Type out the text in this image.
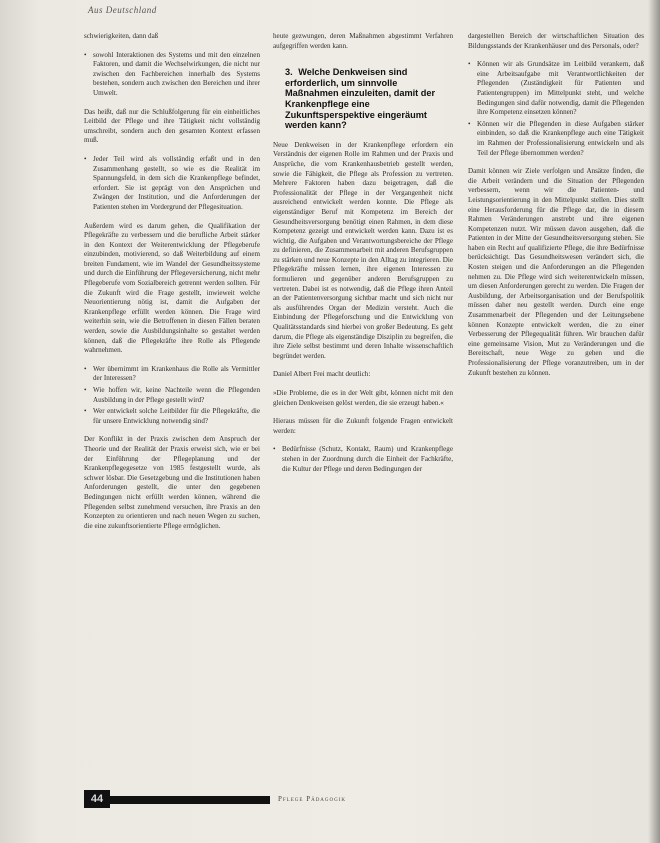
Aus Deutschland

schwierigkeiten, dann daß

• sowohl Interaktionen des Systems und mit den einzelnen Faktoren, und damit die Wechselwirkungen, die nicht nur zwischen den Fachbereichen innerhalb des Systems bestehen, sondern auch zwischen den Bereichen und ihrer Umwelt.

Das heißt, daß nur die Schlußfolgerung für ein einheitliches Leitbild der Pflege und ihre Tätigkeit nicht vollständig umschreibt, sondern auch den gesamten Kontext erfassen muß.

• Jeder Teil wird als vollständig erfaßt und in den Zusammenhang gestellt, so wie es die Realität im Spannungsfeld, in dem sich die Krankenpflege befindet, erfordert. Sie ist geprägt von den Ansprüchen und Zwängen der Institution, und die Anforderungen der Patienten stehen im Vordergrund der Pflegesituation.

Außerdem wird es darum gehen, die Qualifikation der Pflegekräfte zu verbessern und die berufliche Arbeit stärker in den Kontext der Weiterentwicklung der Pflegeberufe einzubinden, motivierend, so daß Weiterbildung auf einem breiten Fundament, wie im Wandel der Gesundheitssysteme und durch die Einführung der Pflegeversicherung, nicht mehr Pflegeberufe vom Sozialbereich getrennt werden sollten. Für die Zukunft wird die Frage gestellt, inwieweit welche Neuorientierung nötig ist, damit die Aufgaben der Krankenpflege erfüllt werden können. Die Frage wird weiterhin sein, wie die Betroffenen in diesen Fällen beraten werden, sowie die Ausbildungsinhalte so gestaltet werden können, daß die Pflegekräfte ihre Rolle als Pflegende wahrnehmen.

• Wer übernimmt im Krankenhaus die Rolle als Vermittler der Interessen?
• Wie hoffen wir, keine Nachteile wenn die Pflegenden Ausbildung in der Pflege gestellt wird?
• Wer entwickelt solche Leitbilder für die Pflegekräfte, die für unsere Entwicklung notwendig sind?

Der Konflikt in der Praxis zwischen dem Anspruch der Theorie und der Realität der Praxis erweist sich, wie er bei der Einführung der Pflegeplanung und der Krankenpflegegesetze von 1985 festgestellt wurde, als schwer lösbar. Die Gesetzgebung und die Institutionen haben Anforderungen gestellt, die unter den gegebenen Bedingungen nicht erfüllt werden können, während die Pflegenden selbst zunehmend versuchen, ihre Praxis an den Konzepten zu orientieren und nach neuen Wegen zu suchen, die eine zukunftsorientierte Pflege ermöglichen.

heute gezwungen, deren Maßnahmen abgestimmt Verfahren aufgegriffen werden kann.

3. Welche Denkweisen sind erforderlich, um sinnvolle Maßnahmen einzuleiten, damit der Krankenpflege eine Zukunftsperspektive eingeräumt werden kann?

Neue Denkweisen in der Krankenpflege erfordern ein Verständnis der eigenen Rolle im Rahmen und der Praxis und Ansprüche, die vom Krankenhausbetrieb gestellt werden, sowie die Fähigkeit, die Pflege als Profession zu vertreten. Mehrere Faktoren haben dazu beigetragen, daß die Professionalität der Pflege in der Vergangenheit nicht ausreichend entwickelt werden konnte. Die Pflege als eigenständiger Beruf mit Kompetenz im Bereich der Gesundheitsversorgung benötigt einen Rahmen, in dem diese Kompetenz gezeigt und entwickelt werden kann. Dazu ist es wichtig, die Aufgaben und Verantwortungsbereiche der Pflege zu definieren, die Zusammenarbeit mit anderen Berufsgruppen zu stärken und neue Konzepte in den Alltag zu integrieren. Die Pflegekräfte müssen lernen, ihre eigenen Interessen zu formulieren und gegenüber anderen Berufsgruppen zu vertreten. Dabei ist es notwendig, daß die Pflege ihren Anteil an der Patientenversorgung sichtbar macht und sich nicht nur als ausführendes Organ der Medizin versteht. Auch die Einbindung der Pflegeforschung und die Entwicklung von Qualitätsstandards sind hierbei von großer Bedeutung. Es geht darum, die Pflege als eigenständige Disziplin zu begreifen, die ihre Ziele selbst bestimmt und deren Inhalte wissenschaftlich begründet werden.

Daniel Albert Frei macht deutlich:

»Die Probleme, die es in der Welt gibt, können nicht mit den gleichen Denkweisen gelöst werden, die sie erzeugt haben.«

Hieraus müssen für die Zukunft folgende Fragen entwickelt werden:

• Bedürfnisse (Schutz, Kontakt, Raum) und Krankenpflege stehen in der Zuordnung durch die Einheit der Fachkräfte, die Kultur der Pflege und deren Bedingungen der

dargestellten Bereich der wirtschaftlichen Situation des Bildungsstands der Krankenhäuser und des Personals, oder?

• Können wir als Grundsätze im Leitbild verankern, daß eine Arbeitsaufgabe mit Verantwortlichkeiten der Pflegenden (Zuständigkeit für Patienten und Patientengruppen) im Mittelpunkt steht, und welche Bedingungen sind dafür notwendig, damit die Pflegenden ihre Kompetenz einsetzen können?
• Können wir die Pflegenden in diese Aufgaben stärker einbinden, so daß die Krankenpflege auch eine Tätigkeit im Rahmen der Professionalisierung entwickeln und als Teil der Pflege übernommen werden?

Damit können wir Ziele verfolgen und Ansätze finden, die die Arbeit verändern und die Situation der Pflegenden verbessern, wenn wir die Patienten- und Leistungsorientierung in den Mittelpunkt stellen. Dies stellt eine Herausforderung für die Pflege dar, die in diesem Rahmen Veränderungen anstrebt und ihre eigenen Kompetenzen nutzt. Wir müssen davon ausgehen, daß die Patienten in der Mitte der Gesundheitsversorgung stehen. Sie haben ein Recht auf qualifizierte Pflege, die ihre Bedürfnisse berücksichtigt. Das Gesundheitswesen verändert sich, die Kosten steigen und die Anforderungen an die Pflegenden nehmen zu. Die Pflege wird sich weiterentwickeln müssen, um diesen Anforderungen gerecht zu werden. Die Fragen der Ausbildung, der Arbeitsorganisation und der Berufspolitik müssen daher neu gestellt werden. Durch eine enge Zusammenarbeit der Pflegenden und der Leitungsebene können Konzepte entwickelt werden, die zu einer Verbesserung der Pflegequalität führen. Wir brauchen dafür eine gemeinsame Vision, Mut zu Veränderungen und die Bereitschaft, neue Wege zu gehen und die Professionalisierung der Pflege voranzutreiben, um in der Zukunft bestehen zu können.

44	Pflege Pädagogik
